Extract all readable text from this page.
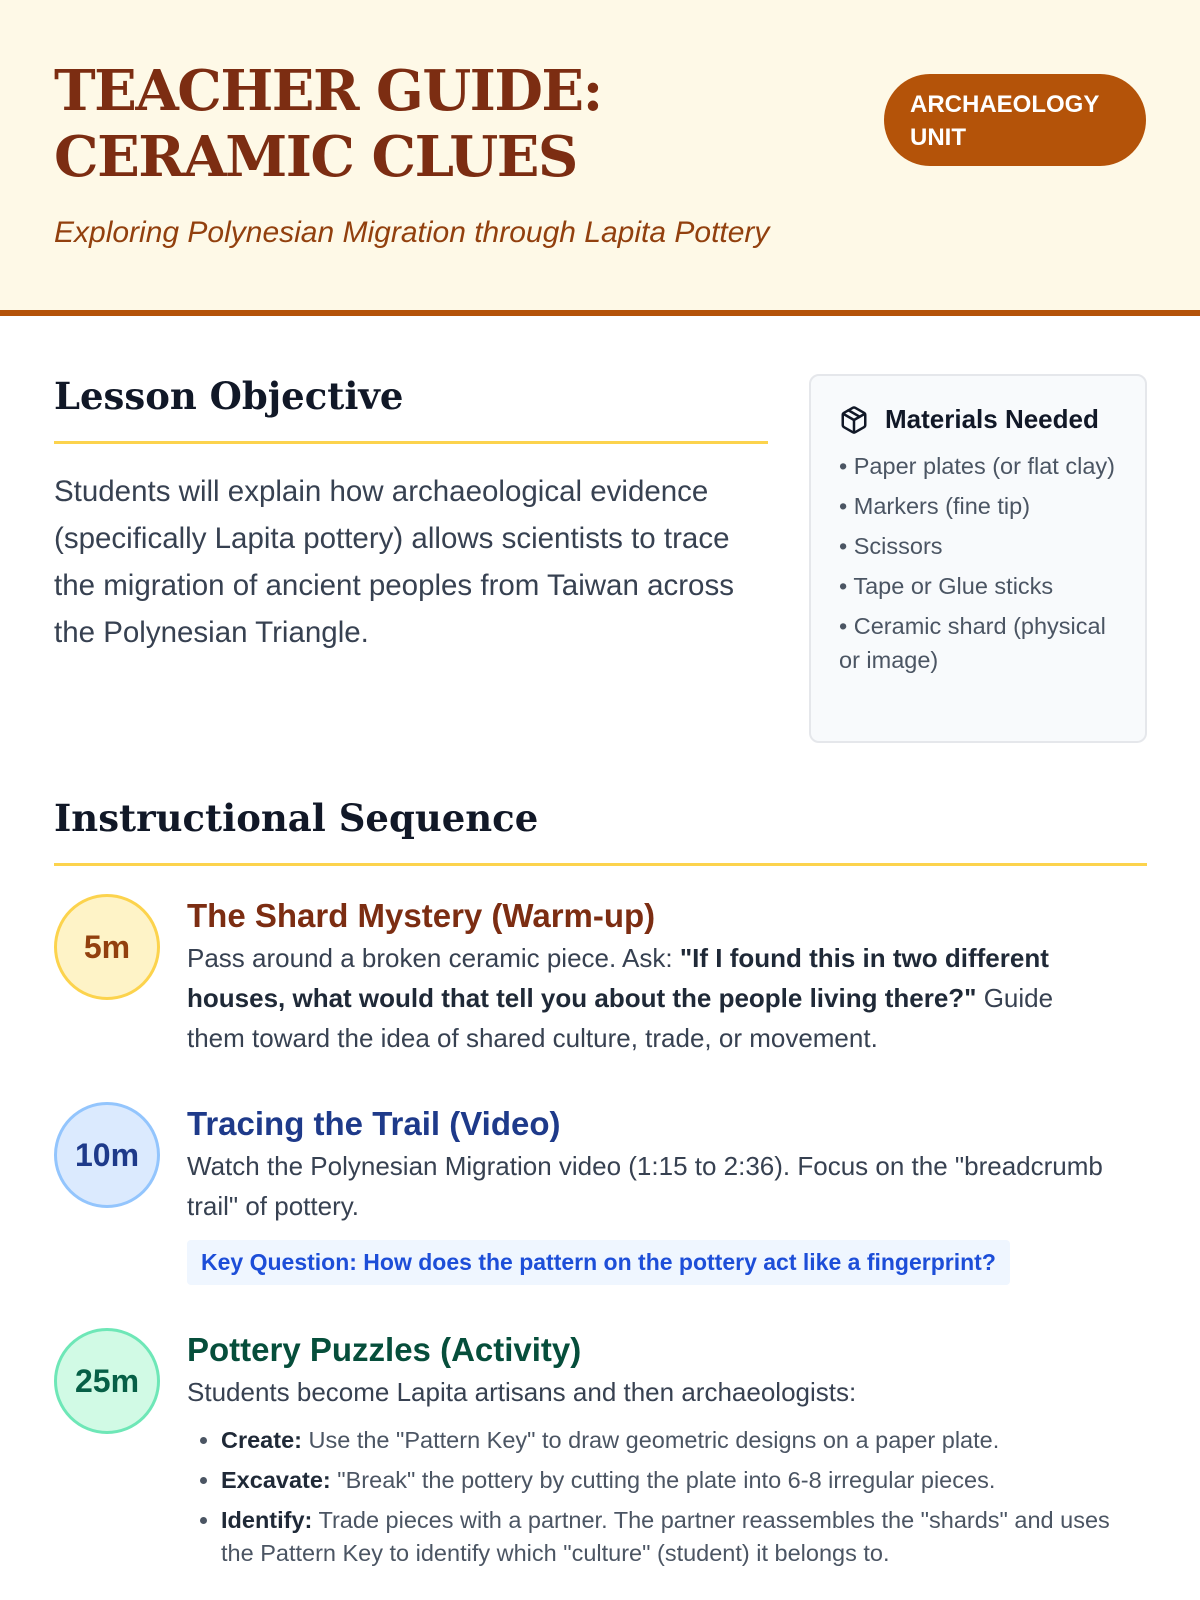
TEACHER GUIDE: CERAMIC CLUES
ARCHAEOLOGY UNIT

Exploring Polynesian Migration through Lapita Pottery

Lesson Objective

Students will explain how archaeological evidence (specifically Lapita pottery) allows scientists to trace the migration of ancient peoples from Taiwan across the Polynesian Triangle.

Materials Needed
• Paper plates (or flat clay)
• Markers (fine tip)
• Scissors
• Tape or Glue sticks
• Ceramic shard (physical or image)
Instructional Sequence
5m
The Shard Mystery (Warm-up)

Pass around a broken ceramic piece. Ask: "If I found this in two different houses, what would that tell you about the people living there?" Guide them toward the idea of shared culture, trade, or movement.

10m
Tracing the Trail (Video)

Watch the Polynesian Migration video (1:15 to 2:36). Focus on the "breadcrumb trail" of pottery.

Key Question: How does the pattern on the pottery act like a fingerprint?
25m
Pottery Puzzles (Activity)

Students become Lapita artisans and then archaeologists:

• Create: Use the "Pattern Key" to draw geometric designs on a paper plate.
• Excavate: "Break" the pottery by cutting the plate into 6-8 irregular pieces.
• Identify: Trade pieces with a partner. The partner reassembles the "shards" and uses the Pattern Key to identify which "culture" (student) it belongs to.
